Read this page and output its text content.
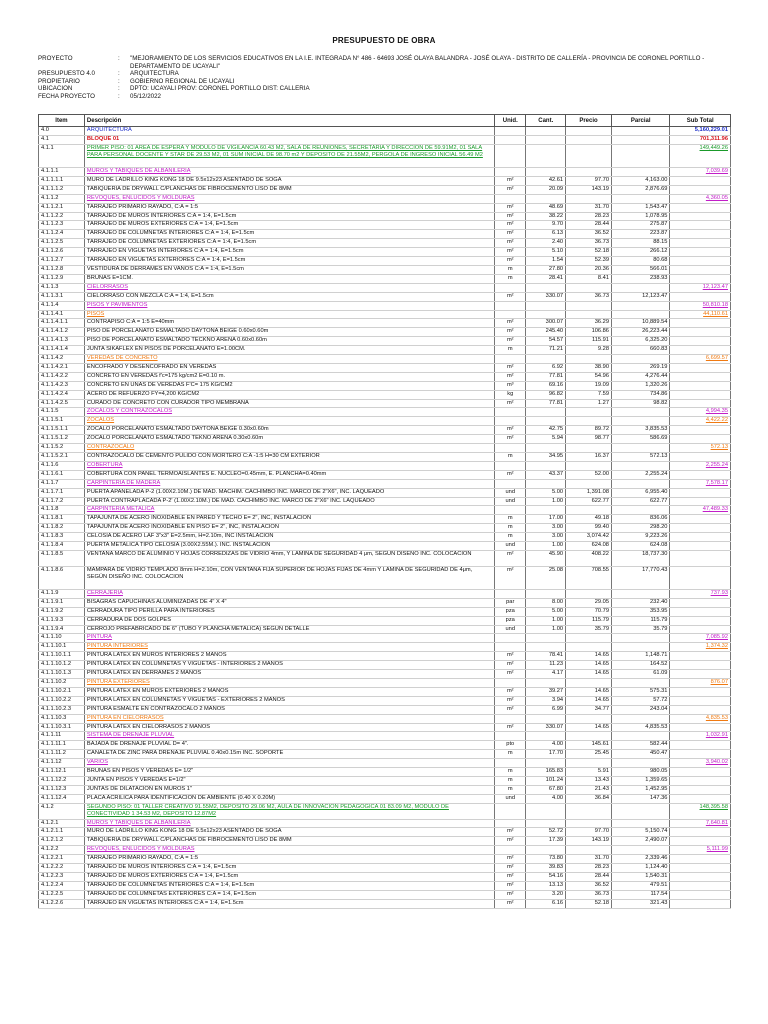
PRESUPUESTO DE OBRA
PROYECTO	:	"MEJORAMIENTO DE LOS SERVICIOS EDUCATIVOS EN LA I.E. INTEGRADA N° 486 - 64693 JOSÉ OLAYA BALANDRA - JOSÉ OLAYA - DISTRITO DE CALLERÍA - PROVINCIA DE CORONEL PORTILLO - DEPARTAMENTO DE UCAYALI"
PRESUPUESTO 4.0	:	ARQUITECTURA
PROPIETARIO	:	GOBIERNO REGIONAL DE UCAYALI
UBICACION	:	DPTO: UCAYALI PROV: CORONEL PORTILLO DIST: CALLERIA
FECHA PROYECTO	:	05/12/2022
Item	Descripción	Unid.	Cant.	Precio	Parcial	Sub Total
4.0	ARQUITECTURA					5,160,229.01
4.1	BLOQUE 01					701,311.96
4.1.1	PRIMER PISO: 01 AREA DE ESPERA Y MODULO DE VIGILANCIA 60.43 M2, SALA DE REUNIONES, SECRETARIA Y DIRECCION DE 59.91M2, 01 SALA PARA PERSONAL DOCENTE Y STAR DE 29.53 M2, 01 SUM INICIAL DE 98.70 m2 Y DEPOSITO DE 21.55M2, PERGOLA DE INGRESO INICIAL 56.49 M2					149,449.26
4.1.1.1	MUROS Y TABIQUES DE ALBAÑILERIA					7,039.69
4.1.1.1.1	MURO DE LADRILLO KING KONG 18 DE 9.5x12x23 ASENTADO DE SOGA	m²	42.61	97.70	4,163.00	
4.1.1.1.2	TABIQUERIA DE DRYWALL C/PLANCHAS DE FIBROCEMENTO LISO DE 8MM	m²	20.09	143.19	2,876.69	
4.1.1.2	REVOQUES, ENLUCIDOS Y MOLDURAS					4,360.05
4.1.1.2.1	TARRAJEO PRIMARIO RAYADO, C:A = 1:5	m²	48.69	31.70	1,543.47	
4.1.1.2.2	TARRAJEO DE MUROS INTERIORES C:A = 1:4, E=1.5cm	m²	38.22	28.23	1,078.95	
4.1.1.2.3	TARRAJEO DE MUROS EXTERIORES C:A = 1:4, E=1.5cm	m²	9.70	28.44	275.87	
4.1.1.2.4	TARRAJEO DE COLUMNETAS INTERIORES C:A = 1:4, E=1.5cm	m²	6.13	36.52	223.87	
4.1.1.2.5	TARRAJEO DE COLUMNETAS EXTERIORES C:A = 1:4, E=1.5cm	m²	2.40	36.73	88.15	
4.1.1.2.6	TARRAJEO EN VIGUETAS INTERIORES C:A = 1:4, E=1.5cm	m²	5.10	52.18	266.12	
4.1.1.2.7	TARRAJEO EN VIGUETAS EXTERIORES C:A = 1:4, E=1.5cm	m²	1.54	52.39	80.68	
4.1.1.2.8	VESTIDURA DE DERRAMES EN VANOS C:A = 1:4, E=1.5cm	m	27.80	20.36	566.01	
4.1.1.2.9	BRUÑAS E=1CM.	m	28.41	8.41	238.93	
4.1.1.3	CIELORRASOS					12,123.47
4.1.1.3.1	CIELORRASO CON MEZCLA C:A = 1:4, E=1.5cm	m²	330.07	36.73	12,123.47	
4.1.1.4	PISOS Y PAVIMENTOS					50,810.18
4.1.1.4.1	PISOS					44,110.61
4.1.1.4.1.1	CONTRAPISO C:A = 1:5 E=40mm	m²	300.07	36.29	10,889.54	
4.1.1.4.1.2	PISO DE PORCELANATO ESMALTADO DAYTONA BEIGE 0.60x0.60m	m²	245.40	106.86	26,223.44	
4.1.1.4.1.3	PISO DE PORCELANATO ESMALTADO TECKNO ARENA 0.60x0.60m	m²	54.57	115.91	6,325.20	
4.1.1.4.1.4	JUNTA SIKAFLEX EN PISOS DE PORCELANATO E=1.00CM.	m	71.21	9.28	660.83	
4.1.1.4.2	VEREDAS DE CONCRETO					6,699.57
4.1.1.4.2.1	ENCOFRADO Y DESENCOFRADO EN VEREDAS	m²	6.92	38.90	269.19	
4.1.1.4.2.2	CONCRETO EN VEREDAS f'c=175 kg/cm2 E=0.10 m.	m²	77.81	54.96	4,276.44	
4.1.1.4.2.3	CONCRETO EN UÑAS DE VEREDAS F'C= 175 KG/CM2	m³	69.16	19.09	1,320.26	
4.1.1.4.2.4	ACERO DE REFUERZO FY=4,200 KG/CM2	kg	96.82	7.59	734.86	
4.1.1.4.2.5	CURADO DE CONCRETO CON CURADOR TIPO MEMBRANA	m²	77.81	1.27	98.82	
4.1.1.5	ZOCALOS Y CONTRAZOCALOS					4,994.35
4.1.1.5.1	ZOCALOS					4,422.22
4.1.1.5.1.1	ZOCALO PORCELANATO ESMALTADO DAYTONA BEIGE 0.30x0.60m	m²	42.75	89.72	3,835.53	
4.1.1.5.1.2	ZOCALO PORCELANATO ESMALTADO TEKNO ARENA 0.30x0.60m	m²	5.94	98.77	586.69	
4.1.1.5.2	CONTRAZOCALO					572.13
4.1.1.5.2.1	CONTRAZOCALO DE CEMENTO PULIDO CON MORTERO C:A -1:5 H=30 CM EXTERIOR	m	34.95	16.37	572.13	
4.1.1.6	COBERTURA					2,255.24
4.1.1.6.1	COBERTURA CON PANEL TERMOAISLANTES E. NUCLEO=0.45mm, E. PLANCHA=0.40mm	m²	43.37	52.00	2,255.24	
4.1.1.7	CARPINTERIA DE MADERA					7,578.17
4.1.1.7.1	PUERTA APANELADA P-2 (1.00X2.10M.) DE MAD. MACHIM. CACHIMBO INC. MARCO DE 2"X6", INC. LAQUEADO	und	5.00	1,391.08	6,955.40	
4.1.1.7.2	PUERTA CONTRAPLACADA P-2' (1.00X2.10M.) DE MAD. CACHIMBO INC. MARCO DE 2"X6" INC. LAQUEADO	und	1.00	622.77	622.77	
4.1.1.8	CARPINTERIA METALICA					47,489.33
4.1.1.8.1	TAPAJUNTA DE ACERO INOXIDABLE EN PARED Y TECHO E= 2", INC, INSTALACION	m	17.00	49.18	836.06	
4.1.1.8.2	TAPAJUNTA DE ACERO INOXIDABLE EN PISO E= 2", INC, INSTALACION	m	3.00	99.40	298.20	
4.1.1.8.3	CELOSIA DE ACERO LAF 3"x3" E=2.5mm, H=2.10m, INC INSTALACION	m	3.00	3,074.42	9,223.26	
4.1.1.8.4	PUERTA METALICA TIPO CELOSIA (3.00X2.55M.). INC. INSTALACION	und	1.00	624.08	624.08	
4.1.1.8.5	VENTANA MARCO DE ALUMINIO Y HOJAS CORREDIZAS DE VIDRIO 4mm, Y LAMINA DE SEGURIDAD 4 μm, SEGUN DISEÑO INC. COLOCACION	m²	45.90	408.22	18,737.30	
4.1.1.8.6	MAMPARA DE VIDRIO TEMPLADO 8mm H=2.10m, CON VENTANA FIJA SUPERIOR DE HOJAS FIJAS DE 4mm Y LAMINA DE SEGURIDAD DE 4μm, SEGÚN DISEÑO INC. COLOCACION	m²	25.08	708.55	17,770.43	
4.1.1.9	CERRAJERIA					737.93
4.1.1.9.1	BISAGRAS CAPUCHINAS ALUMINIZADAS DE 4" X 4"	par	8.00	29.05	232.40	
4.1.1.9.2	CERRADURA TIPO PERILLA PARA INTERIORES	pza	5.00	70.79	353.95	
4.1.1.9.3	CERRADURA DE DOS GOLPES	pza	1.00	115.79	115.79	
4.1.1.9.4	CERROJO PREFABRICADO DE 6" (TUBO Y PLANCHA METALICA) SEGUN DETALLE	und	1.00	35.79	35.79	
4.1.1.10	PINTURA					7,085.92
4.1.1.10.1	PINTURA INTERIORES					1,374.32
4.1.1.10.1.1	PINTURA LATEX EN MUROS INTERIORES 2 MANOS	m²	78.41	14.65	1,148.71	
4.1.1.10.1.2	PINTURA LATEX EN COLUMNETAS Y VIGUETAS - INTERIORES 2 MANOS	m²	11.23	14.65	164.52	
4.1.1.10.1.3	PINTURA LATEX EN DERRAMES 2 MANOS	m²	4.17	14.65	61.09	
4.1.1.10.2	PINTURA EXTERIORES					876.07
4.1.1.10.2.1	PINTURA LATEX EN MUROS EXTERIORES 2 MANOS	m²	39.27	14.65	575.31	
4.1.1.10.2.2	PINTURA LATEX EN COLUMNETAS Y VIGUETAS - EXTERIORES 2 MANOS	m²	3.94	14.65	57.72	
4.1.1.10.2.3	PINTURA ESMALTE EN CONTRAZOCALO 2 MANOS	m²	6.99	34.77	243.04	
4.1.1.10.3	PINTURA EN CIELORRASOS					4,835.53
4.1.1.10.3.1	PINTURA LATEX EN CIELORRASOS 2 MANOS	m²	330.07	14.65	4,835.53	
4.1.1.11	SISTEMA DE DRENAJE PLUVIAL					1,032.91
4.1.1.11.1	BAJADA DE DRENAJE PLUVIAL D= 4".	pto	4.00	145.61	582.44	
4.1.1.11.2	CANALETA DE ZINC PARA DRENAJE PLUVIAL 0.40x0.15m INC. SOPORTE	m	17.70	25.45	450.47	
4.1.1.12	VARIOS					3,940.02
4.1.1.12.1	BRUÑAS EN PISOS Y VEREDAS E= 1/2"	m	165.83	5.91	980.05	
4.1.1.12.2	JUNTA EN PISOS Y VEREDAS E=1/2"	m	101.24	13.43	1,359.65	
4.1.1.12.3	JUNTAS DE DILATACION EN MUROS 1"	m	67.80	21.43	1,452.95	
4.1.1.12.4	PLACA ACRILICA PARA IDENTIFICACION DE AMBIENTE (0.40 X 0.20M)	und	4.00	36.84	147.36	
4.1.2	SEGUNDO PISO: 01 TALLER CREATIVO 91.55M2, DEPOSITO 29.06 M2, AULA DE INNOVACIÓN PEDAGOGICA 01 83.09 M2, MODULO DE CONECTIVIDAD 1 34.53 M2, DEPOSITO 12.87M2					148,395.58
4.1.2.1	MUROS Y TABIQUES DE ALBAÑILERIA					7,640.81
4.1.2.1.1	MURO DE LADRILLO KING KONG 18 DE 9.5x12x23 ASENTADO DE SOGA	m²	52.72	97.70	5,150.74	
4.1.2.1.2	TABIQUERIA DE DRYWALL C/PLANCHAS DE FIBROCEMENTO LISO DE 8MM	m²	17.39	143.19	2,490.07	
4.1.2.2	REVOQUES, ENLUCIDOS Y MOLDURAS					5,111.99
4.1.2.2.1	TARRAJEO PRIMARIO RAYADO, C:A = 1:5	m²	73.80	31.70	2,339.46	
4.1.2.2.2	TARRAJEO DE MUROS INTERIORES C:A = 1:4, E=1.5cm	m²	39.83	28.23	1,124.40	
4.1.2.2.3	TARRAJEO DE MUROS EXTERIORES C:A = 1:4, E=1.5cm	m²	54.16	28.44	1,540.31	
4.1.2.2.4	TARRAJEO DE COLUMNETAS INTERIORES C:A = 1:4, E=1.5cm	m²	13.13	36.52	479.51	
4.1.2.2.5	TARRAJEO DE COLUMNETAS EXTERIORES C:A = 1:4, E=1.5cm	m²	3.20	36.73	117.54	
4.1.2.2.6	TARRAJEO EN VIGUETAS INTERIORES C:A = 1:4, E=1.5cm	m²	6.16	52.18	321.43	
